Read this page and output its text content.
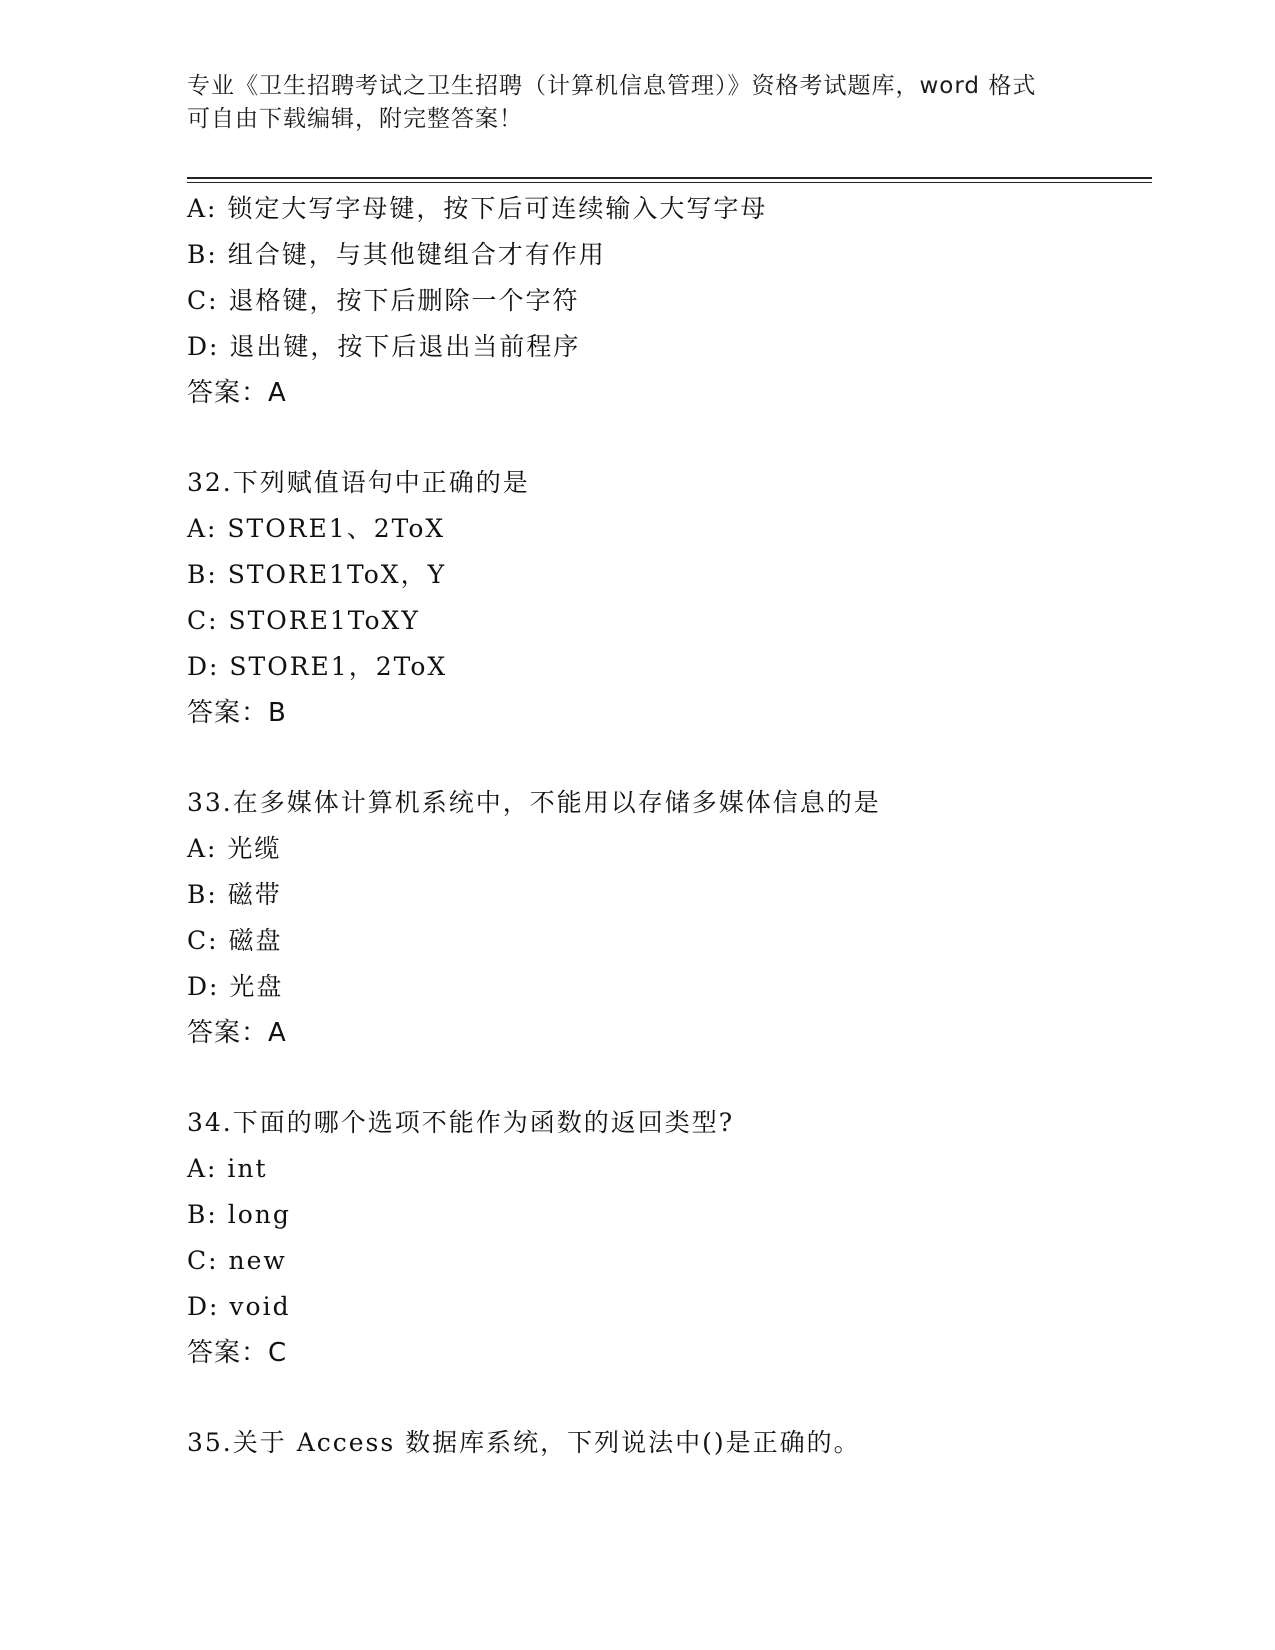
专业《卫生招聘考试之卫生招聘（计算机信息管理）》资格考试题库，word 格式
可自由下载编辑，附完整答案！
A: 锁定大写字母键，按下后可连续输入大写字母
B: 组合键，与其他键组合才有作用
C: 退格键，按下后删除一个字符
D: 退出键，按下后退出当前程序
答案：A
32.下列赋值语句中正确的是
A: STORE1、2ToX
B: STORE1ToX，Y
C: STORE1ToXY
D: STORE1，2ToX
答案：B
33.在多媒体计算机系统中，不能用以存储多媒体信息的是
A: 光缆
B: 磁带
C: 磁盘
D: 光盘
答案：A
34.下面的哪个选项不能作为函数的返回类型?
A: int
B: long
C: new
D: void
答案：C
35.关于 Access 数据库系统，下列说法中()是正确的。
